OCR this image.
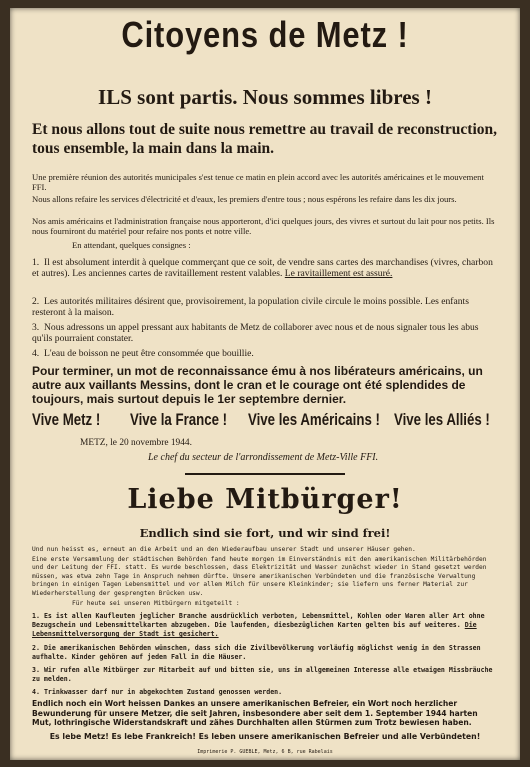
Citoyens de Metz !
ILS sont partis. Nous sommes libres !
Et nous allons tout de suite nous remettre au travail de reconstruction, tous ensemble, la main dans la main.
Une première réunion des autorités municipales s'est tenue ce matin en plein accord avec les autorités américaines et le mouvement FFI.
Nous allons refaire les services d'électricité et d'eaux, les premiers d'entre tous ; nous espérons les refaire dans les dix jours.
Nos amis américains et l'administration française nous apporteront, d'ici quelques jours, des vivres et surtout du lait pour nos petits. Ils nous fourniront du matériel pour refaire nos ponts et notre ville.
En attendant, quelques consignes :
1. Il est absolument interdit à quelque commerçant que ce soit, de vendre sans cartes des marchandises (vivres, charbon et autres). Les anciennes cartes de ravitaillement restent valables. Le ravitaillement est assuré.
2. Les autorités militaires désirent que, provisoirement, la population civile circule le moins possible. Les enfants resteront à la maison.
3. Nous adressons un appel pressant aux habitants de Metz de collaborer avec nous et de nous signaler tous les abus qu'ils pourraient constater.
4. L'eau de boisson ne peut être consommée que bouillie.
Pour terminer, un mot de reconnaissance ému à nos libérateurs américains, un autre aux vaillants Messins, dont le cran et le courage ont été splendides de toujours, mais surtout depuis le 1er septembre dernier.
Vive Metz ! Vive la France ! Vive les Américains ! Vive les Alliés !
METZ, le 20 novembre 1944.
Le chef du secteur de l'arrondissement de Metz-Ville FFI.
Liebe Mitbürger!
Endlich sind sie fort, und wir sind frei!
Und nun heisst es, erneut an die Arbeit und an den Wiederaufbau unserer Stadt und unserer Häuser gehen.
Eine erste Versammlung der städtischen Behörden fand heute morgen im Einverständnis mit den amerikanischen Militärbehörden und der Leitung der FFI. statt. Es wurde beschlossen, dass Elektrizität und Wasser zunächst wieder in Stand gesetzt werden müssen, was etwa zehn Tage in Anspruch nehmen dürfte. Unsere amerikanischen Verbündeten und die französische Verwaltung bringen in einigen Tagen Lebensmittel und vor allem Milch für unsere Kleinkinder; sie liefern uns ferner Material zur Wiederherstellung der gesprengten Brücken usw.
Für heute sei unseren Mitbürgern mitgeteilt :
1. Es ist allen Kaufleuten jeglicher Branche ausdrücklich verboten, Lebensmittel, Kohlen oder Waren aller Art ohne Bezugschein und Lebensmittelkarten abzugeben. Die laufenden, diesbezüglichen Karten gelten bis auf weiteres. Die Lebensmittelversorgung der Stadt ist gesichert.
2. Die amerikanischen Behörden wünschen, dass sich die Zivilbevölkerung vorläufig möglichst wenig in den Strassen aufhalte. Kinder gehören auf jeden Fall in die Häuser.
3. Wir rufen alle Mitbürger zur Mitarbeit auf und bitten sie, uns im allgemeinen Interesse alle etwaigen Missbräuche zu melden.
4. Trinkwasser darf nur in abgekochtem Zustand genossen werden.
Endlich noch ein Wort heissen Dankes an unsere amerikanischen Befreier, ein Wort noch herzlicher Bewunderung für unsere Metzer, die seit Jahren, insbesondere aber seit dem 1. September 1944 harten Mut, lothringische Widerstandskraft und zähes Durchhalten allen Stürmen zum Trotz bewiesen haben.
Es lebe Metz! Es lebe Frankreich! Es leben unsere amerikanischen Befreier und alle Verbündeten!
Imprimerie P. GUEBLE, Metz, 6 B, rue Rabelais
